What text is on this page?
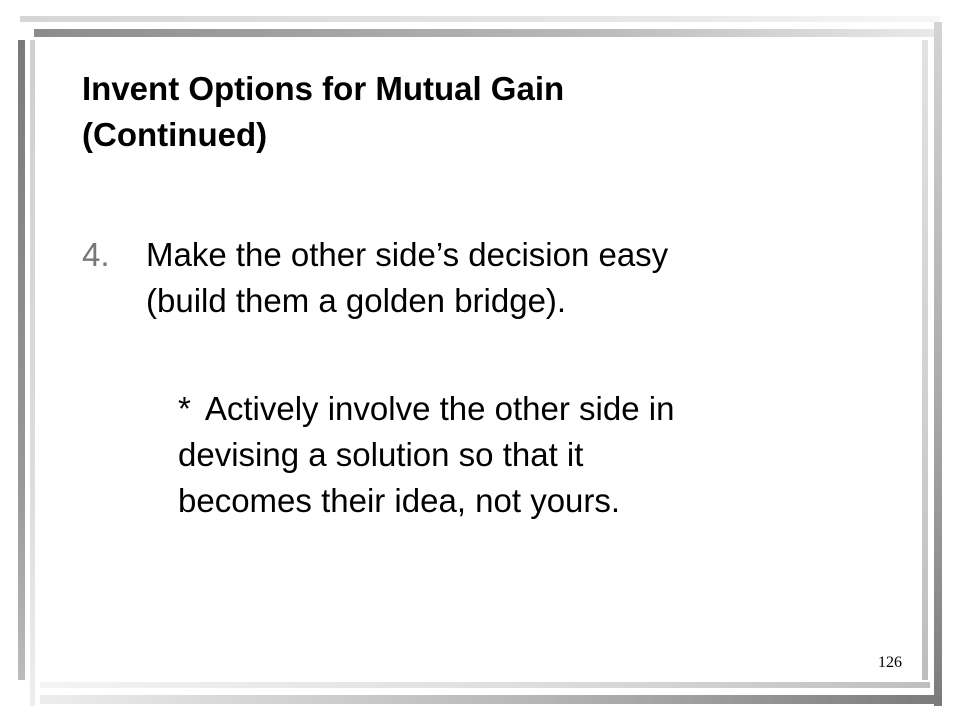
Invent Options for Mutual Gain
(Continued)
4.	Make the other side’s decision easy
(build them a golden bridge).
* Actively involve the other side in
devising a solution so that it
becomes their idea, not yours.
126
